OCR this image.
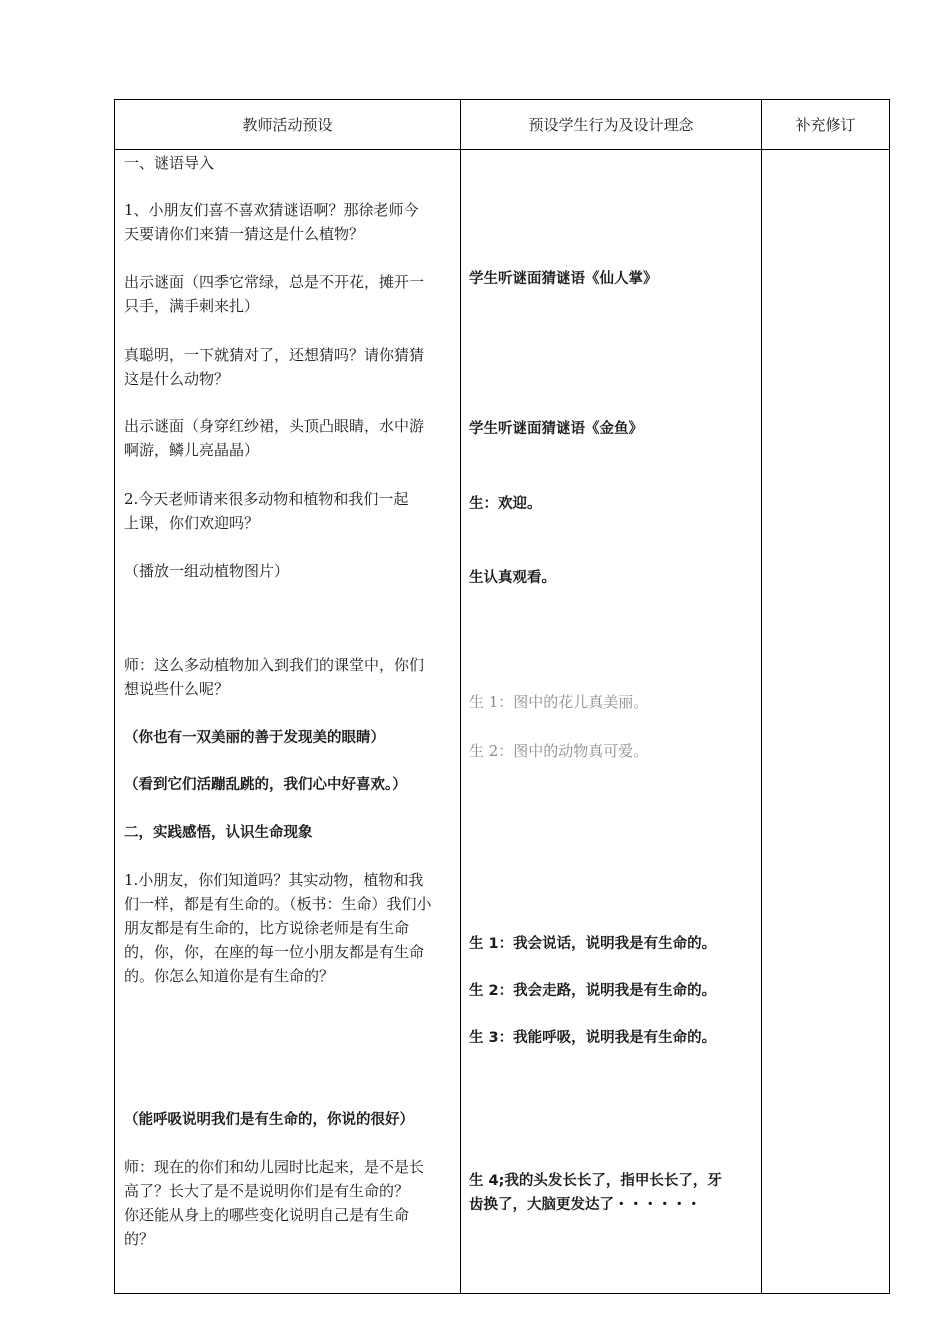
教师活动预设	预设学生行为及设计理念	补充修订
一、谜语导入
1、小朋友们喜不喜欢猜谜语啊？那徐老师今
天要请你们来猜一猜这是什么植物？
出示谜面（四季它常绿，总是不开花，摊开一
只手，满手刺来扎）
真聪明，一下就猜对了，还想猜吗？请你猜猜
这是什么动物？
出示谜面（身穿红纱裙，头顶凸眼睛，水中游
啊游，鳞儿亮晶晶）
2.今天老师请来很多动物和植物和我们一起
上课，你们欢迎吗？
（播放一组动植物图片）
师：这么多动植物加入到我们的课堂中，你们
想说些什么呢？
（你也有一双美丽的善于发现美的眼睛）
（看到它们活蹦乱跳的，我们心中好喜欢。）
二，实践感悟，认识生命现象
1.小朋友，你们知道吗？其实动物，植物和我
们一样，都是有生命的。（板书：生命）我们小
朋友都是有生命的，比方说徐老师是有生命
的，你，你，在座的每一位小朋友都是有生命
的。你怎么知道你是有生命的？
（能呼吸说明我们是有生命的，你说的很好）
师：现在的你们和幼儿园时比起来，是不是长
高了？长大了是不是说明你们是有生命的？
你还能从身上的哪些变化说明自己是有生命
的？
学生听谜面猜谜语《仙人掌》
学生听谜面猜谜语《金鱼》
生：欢迎。
生认真观看。
生 1：图中的花儿真美丽。
生 2：图中的动物真可爱。
生 1：我会说话，说明我是有生命的。
生 2：我会走路，说明我是有生命的。
生 3：我能呼吸，说明我是有生命的。
生 4;我的头发长长了，指甲长长了，牙
齿换了，大脑更发达了・・・・・・
